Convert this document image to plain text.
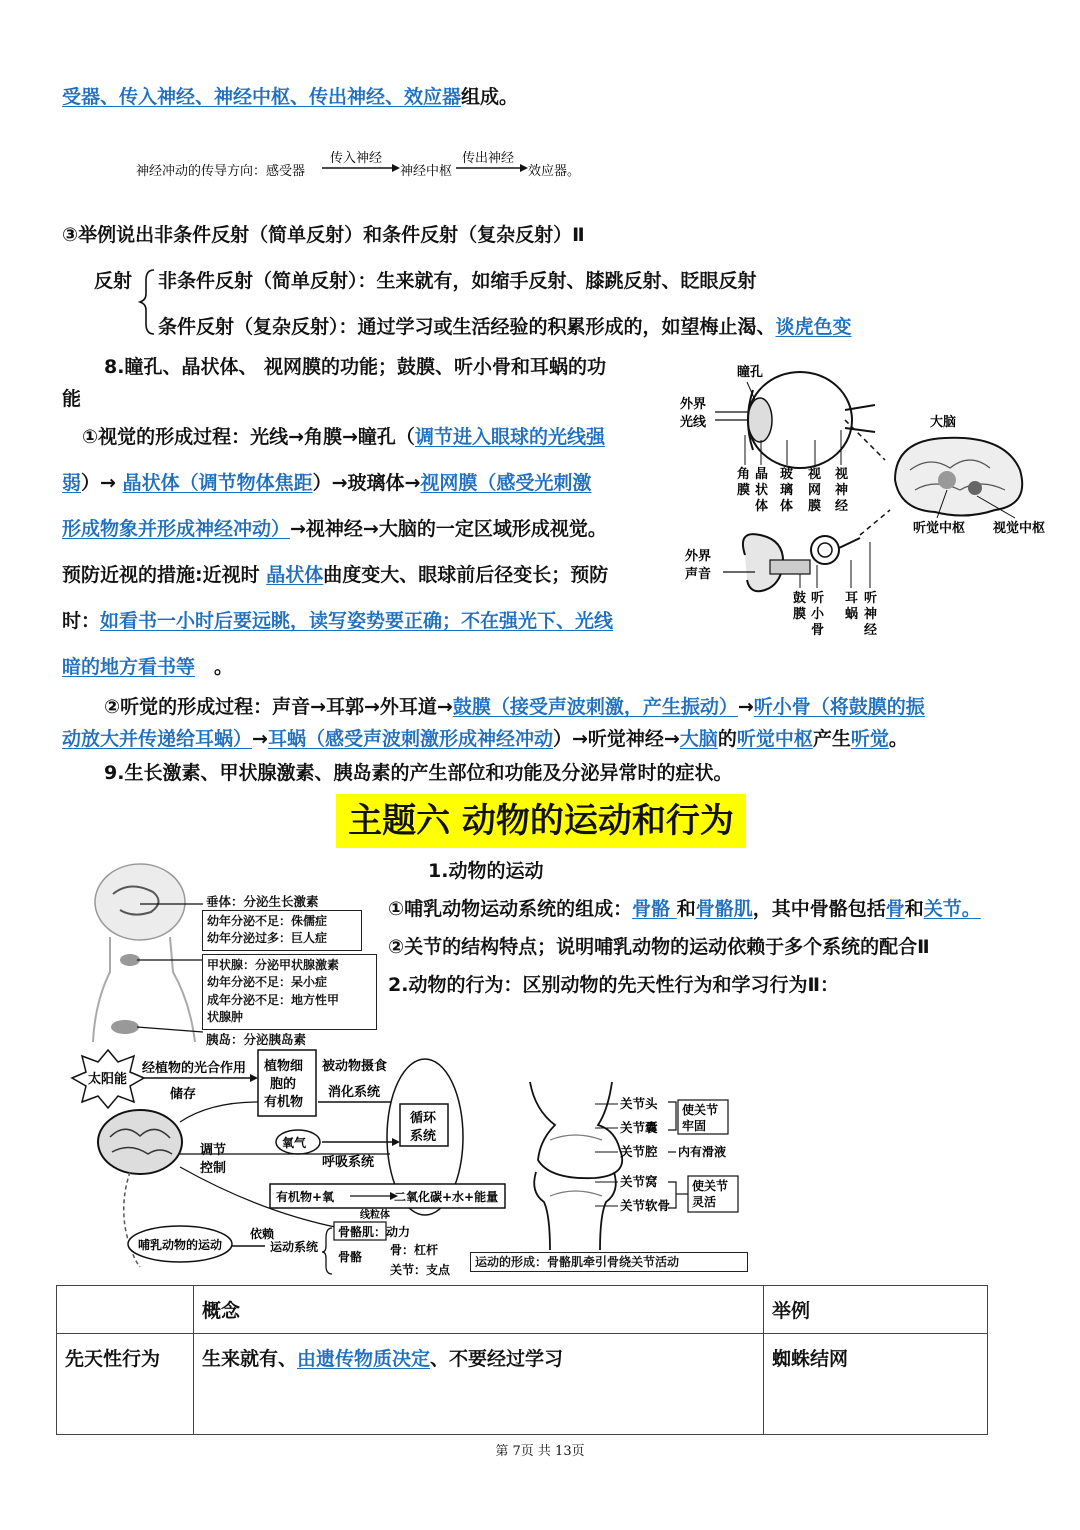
受器、传入神经、神经中枢、传出神经、效应器组成。
神经冲动的传导方向：感受器
传入神经
神经中枢
传出神经
效应器。
③举例说出非条件反射（简单反射）和条件反射（复杂反射）Ⅱ
反射 非条件反射（简单反射）：生来就有，如缩手反射、膝跳反射、眨眼反射
条件反射（复杂反射）：通过学习或生活经验的积累形成的，如望梅止渴、谈虎色变
8.瞳孔、晶状体、 视网膜的功能；鼓膜、听小骨和耳蜗的功
能
①视觉的形成过程：光线→角膜→瞳孔（调节进入眼球的光线强
弱）→ 晶状体（调节物体焦距）→玻璃体→视网膜（感受光刺激
形成物象并形成神经冲动）→视神经→大脑的一定区域形成视觉。
预防近视的措施:近视时 晶状体曲度变大、眼球前后径变长；预防
时：如看书一小时后要远眺，读写姿势要正确；不在强光下、光线
暗的地方看书等　。
外界
光线
瞳孔
角
膜
晶
状
体
玻
璃
体
视
网
膜
视
神
经
大脑
听觉中枢 视觉中枢
外界
声音
鼓
膜
听
小
骨
耳
蜗
听
神
经
②听觉的形成过程：声音→耳郭→外耳道→鼓膜（接受声波刺激，产生振动）→听小骨（将鼓膜的振
动放大并传递给耳蜗）→耳蜗（感受声波刺激形成神经冲动）→听觉神经→大脑的听觉中枢产生听觉。
9.生长激素、甲状腺激素、胰岛素的产生部位和功能及分泌异常时的症状。
主题六 动物的运动和行为
1.动物的运动
①哺乳动物运动系统的组成：骨骼 和骨骼肌，其中骨骼包括骨和关节。
②关节的结构特点；说明哺乳动物的运动依赖于多个系统的配合Ⅱ
2.动物的行为：区别动物的先天性行为和学习行为Ⅱ：
垂体：分泌生长激素
幼年分泌不足：侏儒症
幼年分泌过多：巨人症
甲状腺：分泌甲状腺激素
幼年分泌不足：呆小症
成年分泌不足：地方性甲
状腺肿
胰岛：分泌胰岛素
太阳能
经植物的光合作用
储存
植物细
胞的
有机物
被动物摄食
消化系统
循环
系统
调节
控制
氧气
呼吸系统
有机物+氧	二氧化碳+水+能量
线粒体
哺乳动物的运动
依赖
运动系统
骨骼肌：动力
骨骼 骨：杠杆
关节：支点
关节头
关节囊
关节腔
关节窝
关节软骨
使关节
牢固
内有滑液
使关节
灵活
运动的形成：骨骼肌牵引骨绕关节活动
	概念	举例
先天性行为	生来就有、由遗传物质决定、不要经过学习	蜘蛛结网
第 7页 共 13页
